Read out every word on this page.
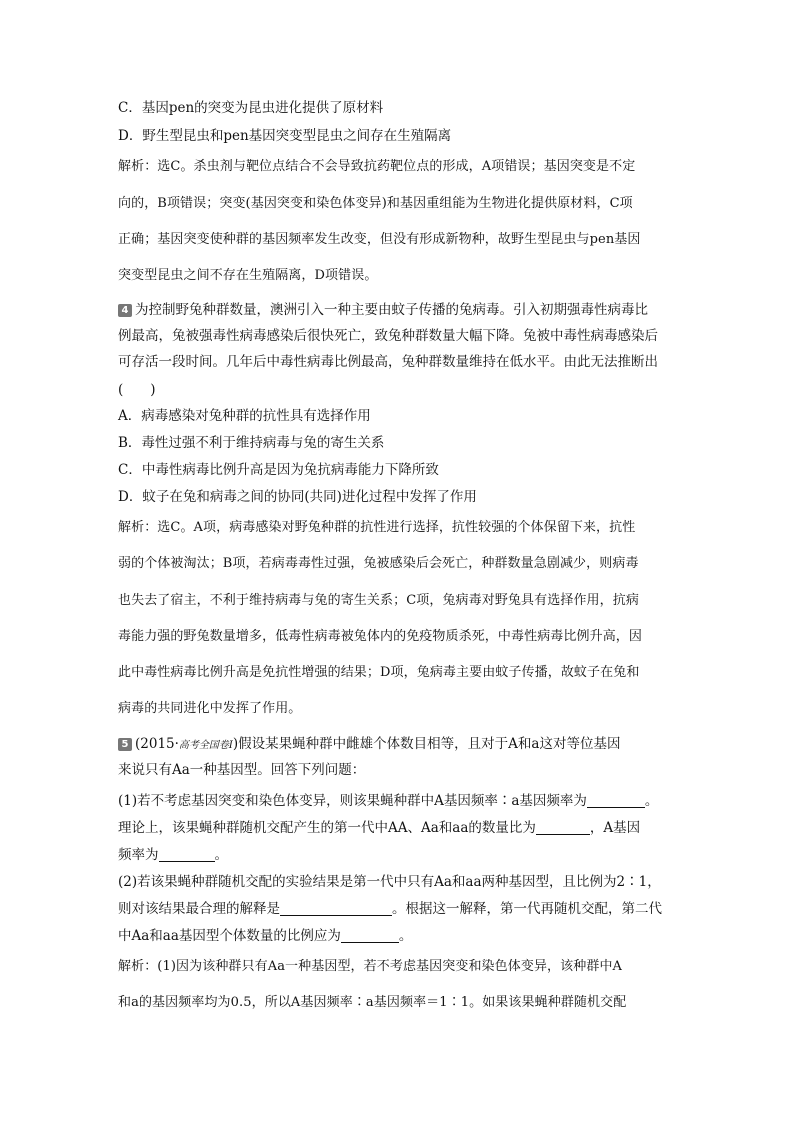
C．基因pen的突变为昆虫进化提供了原材料
D．野生型昆虫和pen基因突变型昆虫之间存在生殖隔离
解析：选C。杀虫剂与靶位点结合不会导致抗药靶位点的形成，A项错误；基因突变是不定
向的，B项错误；突变(基因突变和染色体变异)和基因重组能为生物进化提供原材料，C项
正确；基因突变使种群的基因频率发生改变，但没有形成新物种，故野生型昆虫与pen基因
突变型昆虫之间不存在生殖隔离，D项错误。
4 为控制野兔种群数量，澳洲引入一种主要由蚊子传播的兔病毒。引入初期强毒性病毒比
例最高，兔被强毒性病毒感染后很快死亡，致兔种群数量大幅下降。兔被中毒性病毒感染后
可存活一段时间。几年后中毒性病毒比例最高，兔种群数量维持在低水平。由此无法推断出
(　　)
A．病毒感染对兔种群的抗性具有选择作用
B．毒性过强不利于维持病毒与兔的寄生关系
C．中毒性病毒比例升高是因为兔抗病毒能力下降所致
D．蚊子在兔和病毒之间的协同(共同)进化过程中发挥了作用
解析：选C。A项，病毒感染对野兔种群的抗性进行选择，抗性较强的个体保留下来，抗性
弱的个体被淘汰；B项，若病毒毒性过强，兔被感染后会死亡，种群数量急剧减少，则病毒
也失去了宿主，不利于维持病毒与兔的寄生关系；C项，兔病毒对野兔具有选择作用，抗病
毒能力强的野兔数量增多，低毒性病毒被兔体内的免疫物质杀死，中毒性病毒比例升高，因
此中毒性病毒比例升高是免抗性增强的结果；D项，兔病毒主要由蚊子传播，故蚊子在兔和
病毒的共同进化中发挥了作用。
5 (2015·高考全国卷Ⅰ)假设某果蝇种群中雌雄个体数目相等，且对于A和a这对等位基因
来说只有Aa一种基因型。回答下列问题：
(1)若不考虑基因突变和染色体变异，则该果蝇种群中A基因频率∶a基因频率为	。
理论上，该果蝇种群随机交配产生的第一代中AA、Aa和aa的数量比为	，A基因
频率为	。
(2)若该果蝇种群随机交配的实验结果是第一代中只有Aa和aa两种基因型，且比例为2∶1，
则对该结果最合理的解释是	。根据这一解释，第一代再随机交配，第二代
中Aa和aa基因型个体数量的比例应为	。
解析：(1)因为该种群只有Aa一种基因型，若不考虑基因突变和染色体变异，该种群中A
和a的基因频率均为0.5，所以A基因频率∶a基因频率＝1∶1。如果该果蝇种群随机交配
